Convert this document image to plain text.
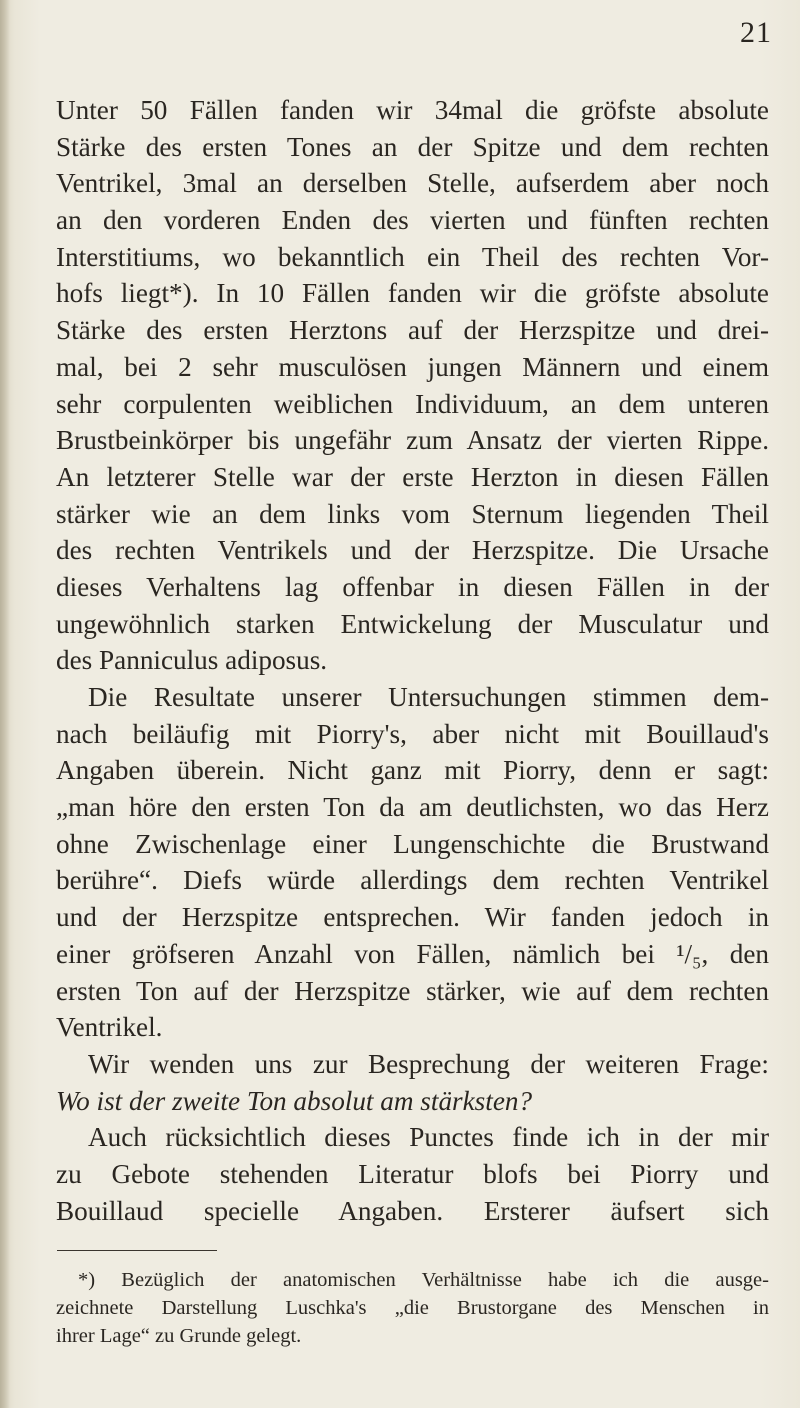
21
Unter 50 Fällen fanden wir 34mal die gröfste absolute
Stärke des ersten Tones an der Spitze und dem rechten
Ventrikel, 3mal an derselben Stelle, aufserdem aber noch
an den vorderen Enden des vierten und fünften rechten
Interstitiums, wo bekanntlich ein Theil des rechten Vor-
hofs liegt*). In 10 Fällen fanden wir die gröfste absolute
Stärke des ersten Herztons auf der Herzspitze und drei-
mal, bei 2 sehr musculösen jungen Männern und einem
sehr corpulenten weiblichen Individuum, an dem unteren
Brustbeinkörper bis ungefähr zum Ansatz der vierten Rippe.
An letzterer Stelle war der erste Herzton in diesen Fällen
stärker wie an dem links vom Sternum liegenden Theil
des rechten Ventrikels und der Herzspitze. Die Ursache
dieses Verhaltens lag offenbar in diesen Fällen in der
ungewöhnlich starken Entwickelung der Musculatur und
des Panniculus adiposus.
Die Resultate unserer Untersuchungen stimmen dem-
nach beiläufig mit Piorry's, aber nicht mit Bouillaud's
Angaben überein. Nicht ganz mit Piorry, denn er sagt:
„man höre den ersten Ton da am deutlichsten, wo das Herz
ohne Zwischenlage einer Lungenschichte die Brustwand
berühre“. Diefs würde allerdings dem rechten Ventrikel
und der Herzspitze entsprechen. Wir fanden jedoch in
einer gröfseren Anzahl von Fällen, nämlich bei ¹/₅, den
ersten Ton auf der Herzspitze stärker, wie auf dem rechten
Ventrikel.
Wir wenden uns zur Besprechung der weiteren Frage:
Wo ist der zweite Ton absolut am stärksten?
Auch rücksichtlich dieses Punctes finde ich in der mir
zu Gebote stehenden Literatur blofs bei Piorry und
Bouillaud specielle Angaben. Ersterer äufsert sich
*) Bezüglich der anatomischen Verhältnisse habe ich die ausge-
zeichnete Darstellung Luschka's „die Brustorgane des Menschen in
ihrer Lage“ zu Grunde gelegt.
